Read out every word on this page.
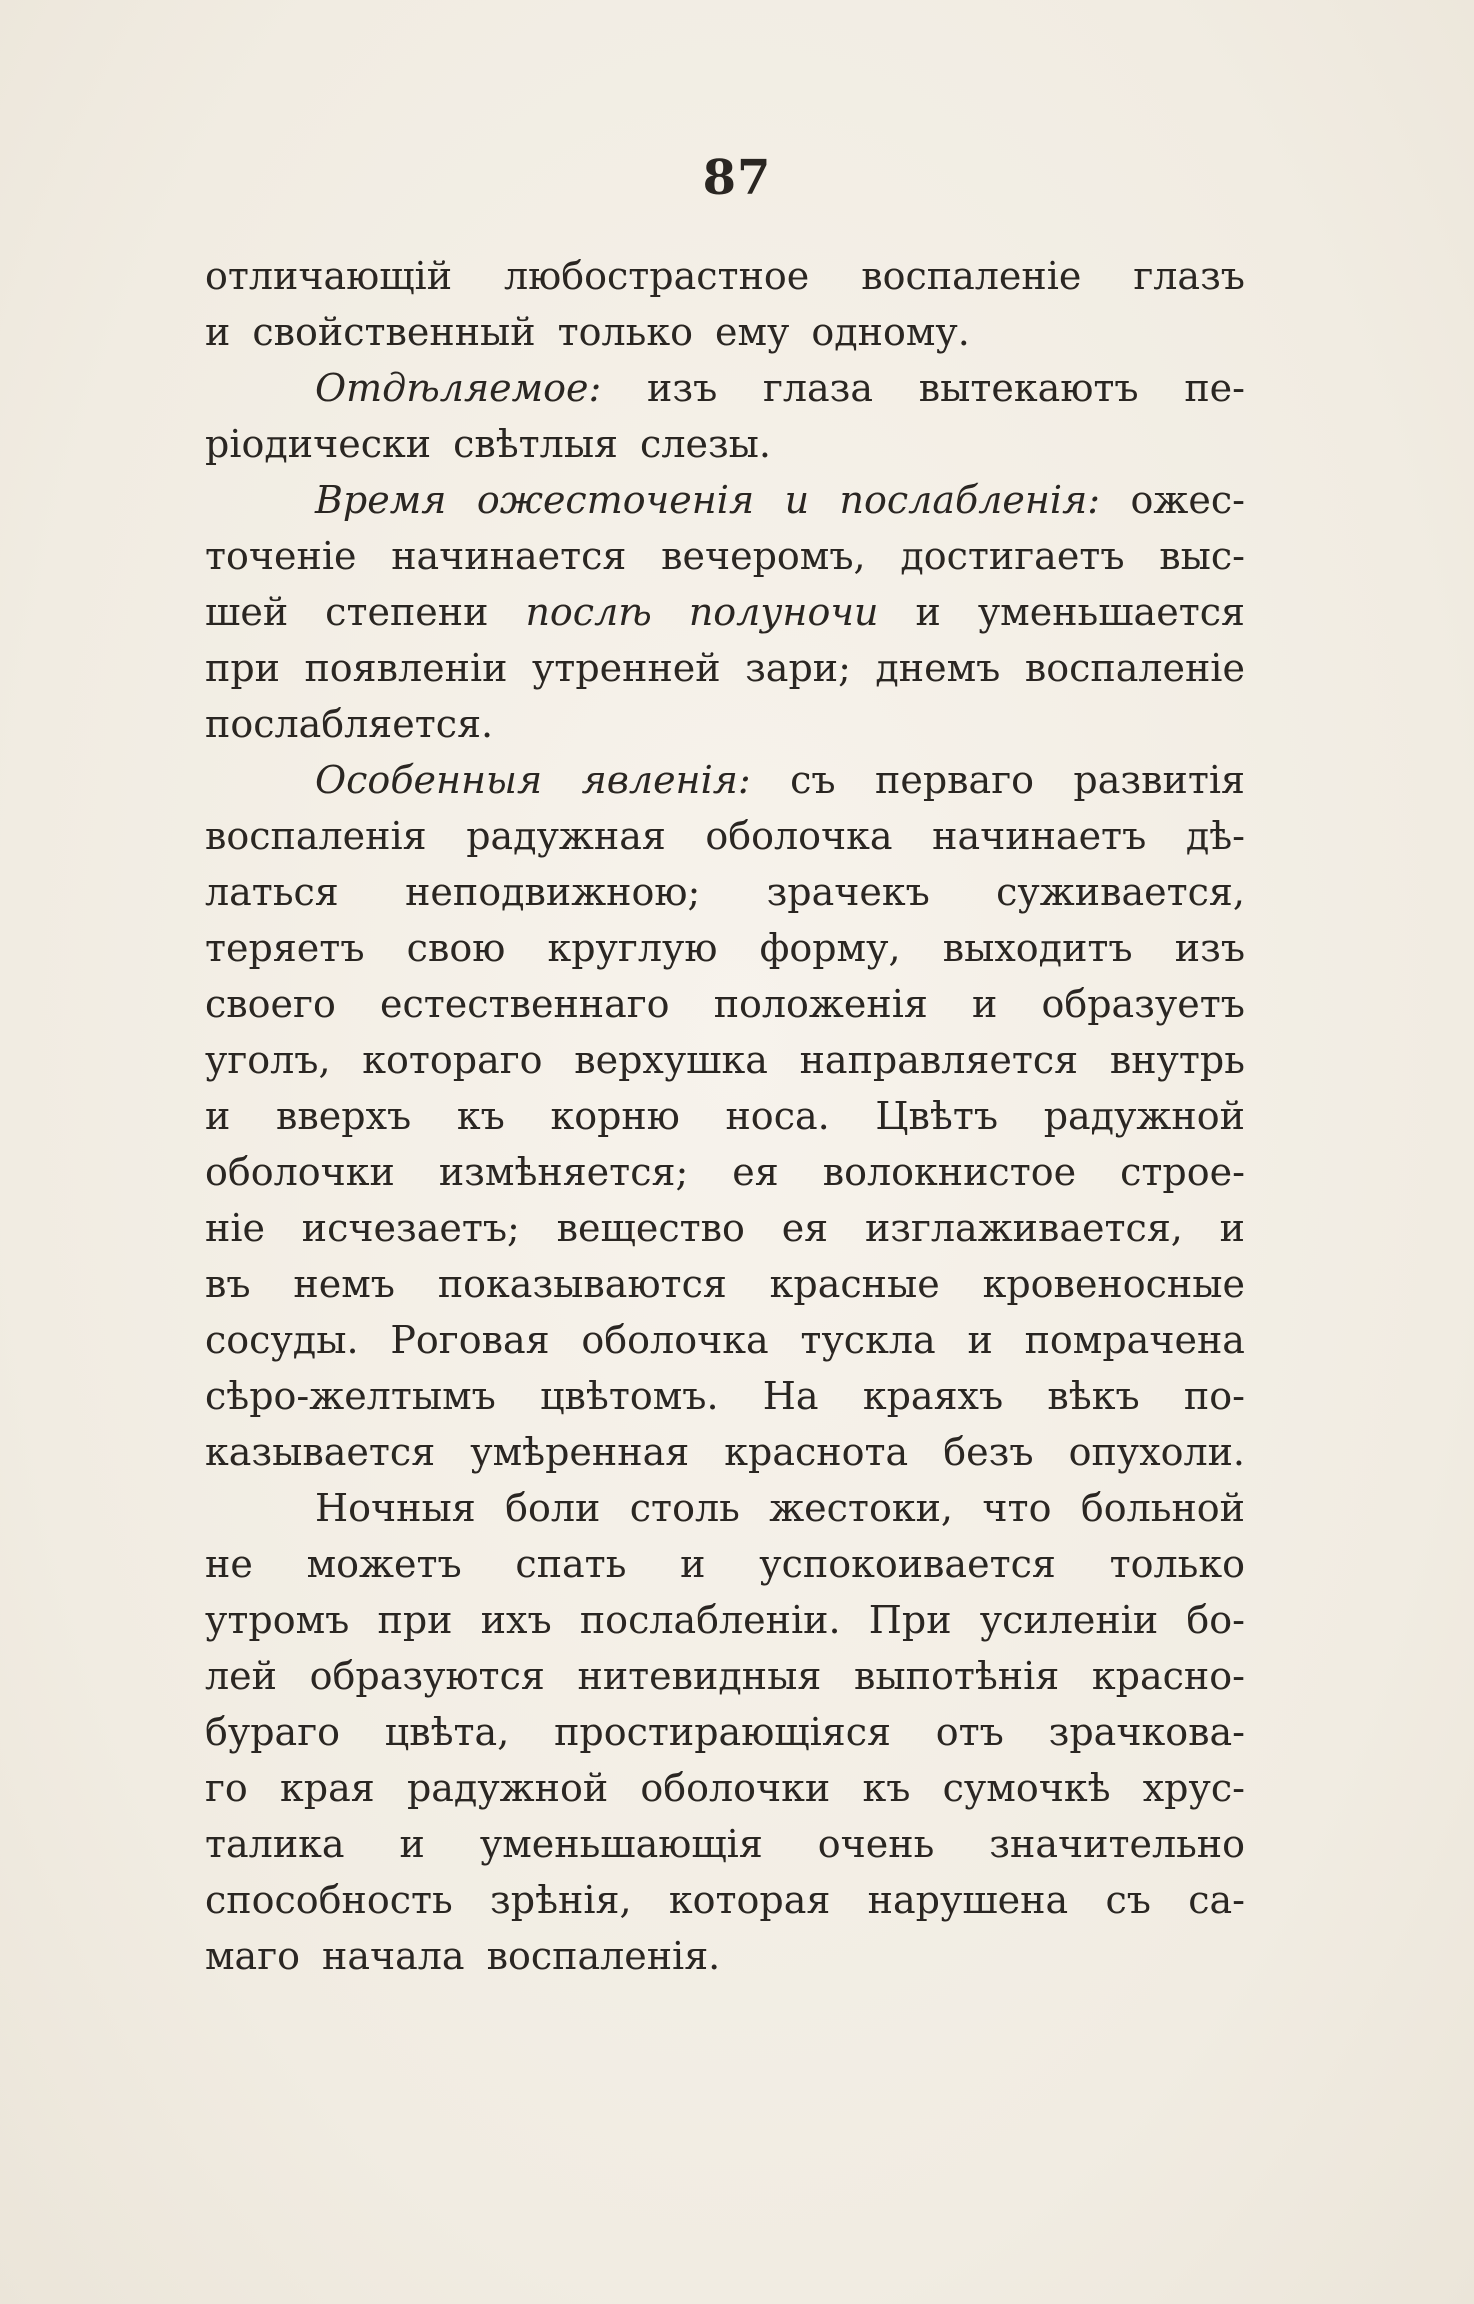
87
отличающій любострастное воспаленіе глазъ
и свойственный только ему одному.
Отдѣляемое: изъ глаза вытекаютъ пе-
ріодически свѣтлыя слезы.
Время ожесточенія и послабленія: ожес-
точеніе начинается вечеромъ, достигаетъ выс-
шей степени послѣ полуночи и уменьшается
при появленіи утренней зари; днемъ воспаленіе
послабляется.
Особенныя явленія: съ перваго развитія
воспаленія радужная оболочка начинаетъ дѣ-
латься неподвижною; зрачекъ суживается,
теряетъ свою круглую форму, выходитъ изъ
своего естественнаго положенія и образуетъ
уголъ, котораго верхушка направляется внутрь
и вверхъ къ корню носа. Цвѣтъ радужной
оболочки измѣняется; ея волокнистое строе-
ніе исчезаетъ; вещество ея изглаживается, и
въ немъ показываются красные кровеносные
сосуды. Роговая оболочка тускла и помрачена
сѣро-желтымъ цвѣтомъ. На краяхъ вѣкъ по-
казывается умѣренная краснота безъ опухоли.
Ночныя боли столь жестоки, что больной
не можетъ спать и успокоивается только
утромъ при ихъ послабленіи. При усиленіи бо-
лей образуются нитевидныя выпотѣнія красно-
бураго цвѣта, простирающіяся отъ зрачкова-
го края радужной оболочки къ сумочкѣ хрус-
талика и уменьшающія очень значительно
способность зрѣнія, которая нарушена съ са-
маго начала воспаленія.
